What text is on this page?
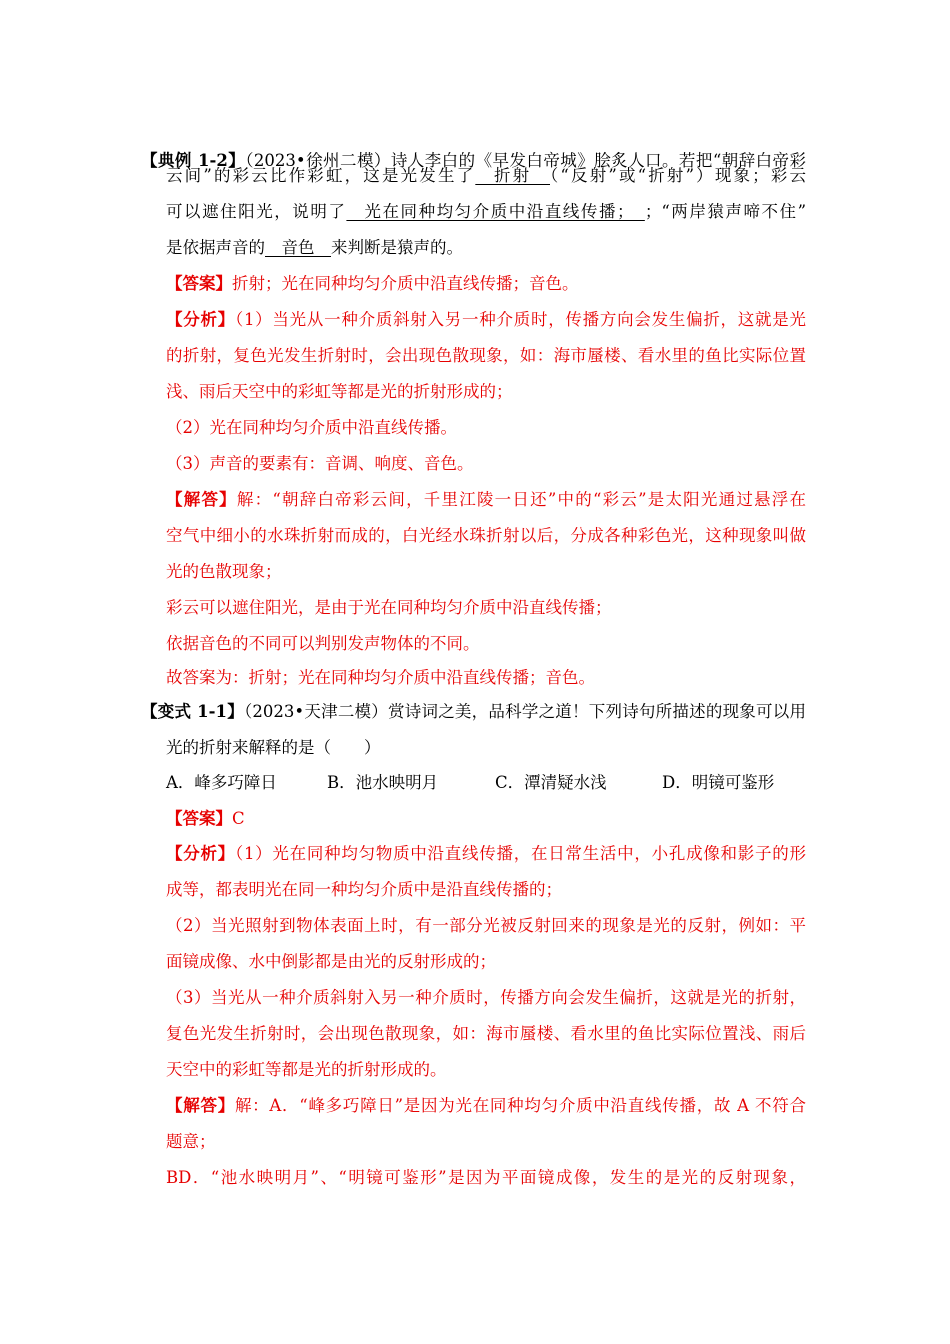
【典例 1-2】（2023•徐州二模）诗人李白的《早发白帝城》脍炙人口。若把“朝辞白帝彩
云间”的彩云比作彩虹，这是光发生了　折射　（“反射”或“折射”）现象；彩云
可以遮住阳光，说明了　光在同种均匀介质中沿直线传播；　；“两岸猿声啼不住”
是依据声音的　音色　来判断是猿声的。
【答案】折射；光在同种均匀介质中沿直线传播；音色。
【分析】（1）当光从一种介质斜射入另一种介质时，传播方向会发生偏折，这就是光
的折射，复色光发生折射时，会出现色散现象，如：海市蜃楼、看水里的鱼比实际位置
浅、雨后天空中的彩虹等都是光的折射形成的；
（2）光在同种均匀介质中沿直线传播。
（3）声音的要素有：音调、响度、音色。
【解答】解：“朝辞白帝彩云间，千里江陵一日还”中的“彩云”是太阳光通过悬浮在
空气中细小的水珠折射而成的，白光经水珠折射以后，分成各种彩色光，这种现象叫做
光的色散现象；
彩云可以遮住阳光，是由于光在同种均匀介质中沿直线传播；
依据音色的不同可以判别发声物体的不同。
故答案为：折射；光在同种均匀介质中沿直线传播；音色。
【变式 1-1】（2023•天津二模）赏诗词之美，品科学之道！下列诗句所描述的现象可以用
光的折射来解释的是（　　）
A．峰多巧障日	B．池水映明月	C．潭清疑水浅	D．明镜可鉴形
【答案】C
【分析】（1）光在同种均匀物质中沿直线传播，在日常生活中，小孔成像和影子的形
成等，都表明光在同一种均匀介质中是沿直线传播的；
（2）当光照射到物体表面上时，有一部分光被反射回来的现象是光的反射，例如：平
面镜成像、水中倒影都是由光的反射形成的；
（3）当光从一种介质斜射入另一种介质时，传播方向会发生偏折，这就是光的折射，
复色光发生折射时，会出现色散现象，如：海市蜃楼、看水里的鱼比实际位置浅、雨后
天空中的彩虹等都是光的折射形成的。
【解答】解：A．“峰多巧障日”是因为光在同种均匀介质中沿直线传播，故 A 不符合
题意；
BD．“池水映明月”、“明镜可鉴形”是因为平面镜成像，发生的是光的反射现象，
